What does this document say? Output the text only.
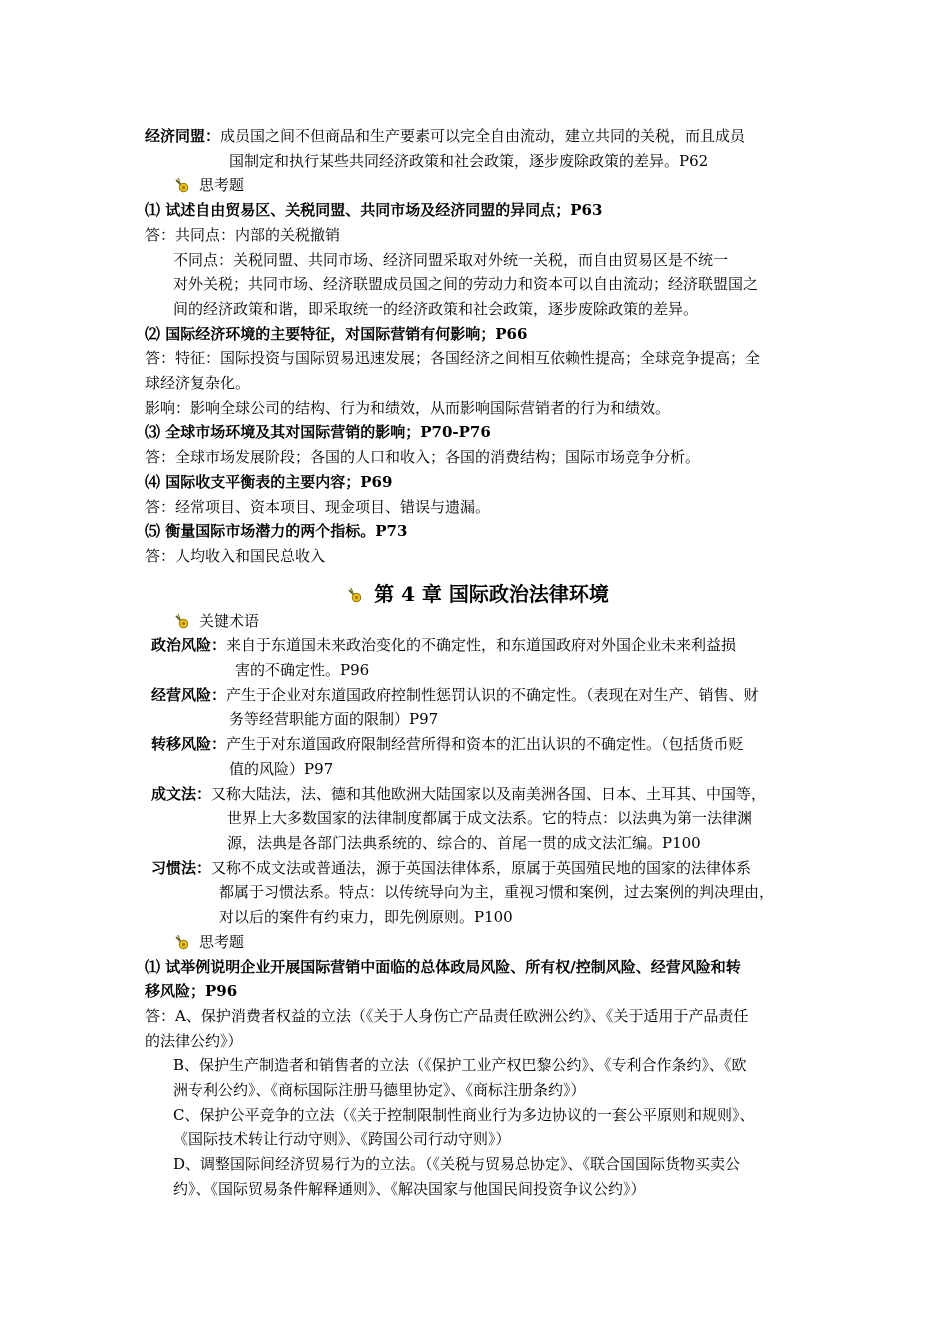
经济同盟：成员国之间不但商品和生产要素可以完全自由流动，建立共同的关税，而且成员

国制定和执行某些共同经济政策和社会政策，逐步废除政策的差异。P62

思考题

⑴ 试述自由贸易区、关税同盟、共同市场及经济同盟的异同点；P63

答：共同点：内部的关税撤销

不同点：关税同盟、共同市场、经济同盟采取对外统一关税，而自由贸易区是不统一

对外关税；共同市场、经济联盟成员国之间的劳动力和资本可以自由流动；经济联盟国之

间的经济政策和谐，即采取统一的经济政策和社会政策，逐步废除政策的差异。

⑵ 国际经济环境的主要特征，对国际营销有何影响；P66

答：特征：国际投资与国际贸易迅速发展；各国经济之间相互依赖性提高；全球竞争提高；全

球经济复杂化。

影响：影响全球公司的结构、行为和绩效，从而影响国际营销者的行为和绩效。

⑶ 全球市场环境及其对国际营销的影响；P70-P76

答：全球市场发展阶段；各国的人口和收入；各国的消费结构；国际市场竞争分析。

⑷ 国际收支平衡表的主要内容；P69

答：经常项目、资本项目、现金项目、错误与遗漏。

⑸ 衡量国际市场潜力的两个指标。P73

答：人均收入和国民总收入

第 4 章 国际政治法律环境

关键术语

政治风险：来自于东道国未来政治变化的不确定性，和东道国政府对外国企业未来利益损

害的不确定性。P96

经营风险：产生于企业对东道国政府控制性惩罚认识的不确定性。（表现在对生产、销售、财

务等经营职能方面的限制）P97

转移风险：产生于对东道国政府限制经营所得和资本的汇出认识的不确定性。（包括货币贬

值的风险）P97

成文法：又称大陆法，法、德和其他欧洲大陆国家以及南美洲各国、日本、土耳其、中国等，

世界上大多数国家的法律制度都属于成文法系。它的特点：以法典为第一法律渊

源，法典是各部门法典系统的、综合的、首尾一贯的成文法汇编。P100

习惯法：又称不成文法或普通法，源于英国法律体系，原属于英国殖民地的国家的法律体系

都属于习惯法系。特点：以传统导向为主，重视习惯和案例，过去案例的判决理由，

对以后的案件有约束力，即先例原则。P100

思考题

⑴ 试举例说明企业开展国际营销中面临的总体政局风险、所有权/控制风险、经营风险和转

移风险；P96

答：A、保护消费者权益的立法（《关于人身伤亡产品责任欧洲公约》、《关于适用于产品责任

的法律公约》）

B、保护生产制造者和销售者的立法（《保护工业产权巴黎公约》、《专利合作条约》、《欧

洲专利公约》、《商标国际注册马德里协定》、《商标注册条约》）

C、保护公平竞争的立法（《关于控制限制性商业行为多边协议的一套公平原则和规则》、

《国际技术转让行动守则》、《跨国公司行动守则》）

D、调整国际间经济贸易行为的立法。（《关税与贸易总协定》、《联合国国际货物买卖公

约》、《国际贸易条件解释通则》、《解决国家与他国民间投资争议公约》）
